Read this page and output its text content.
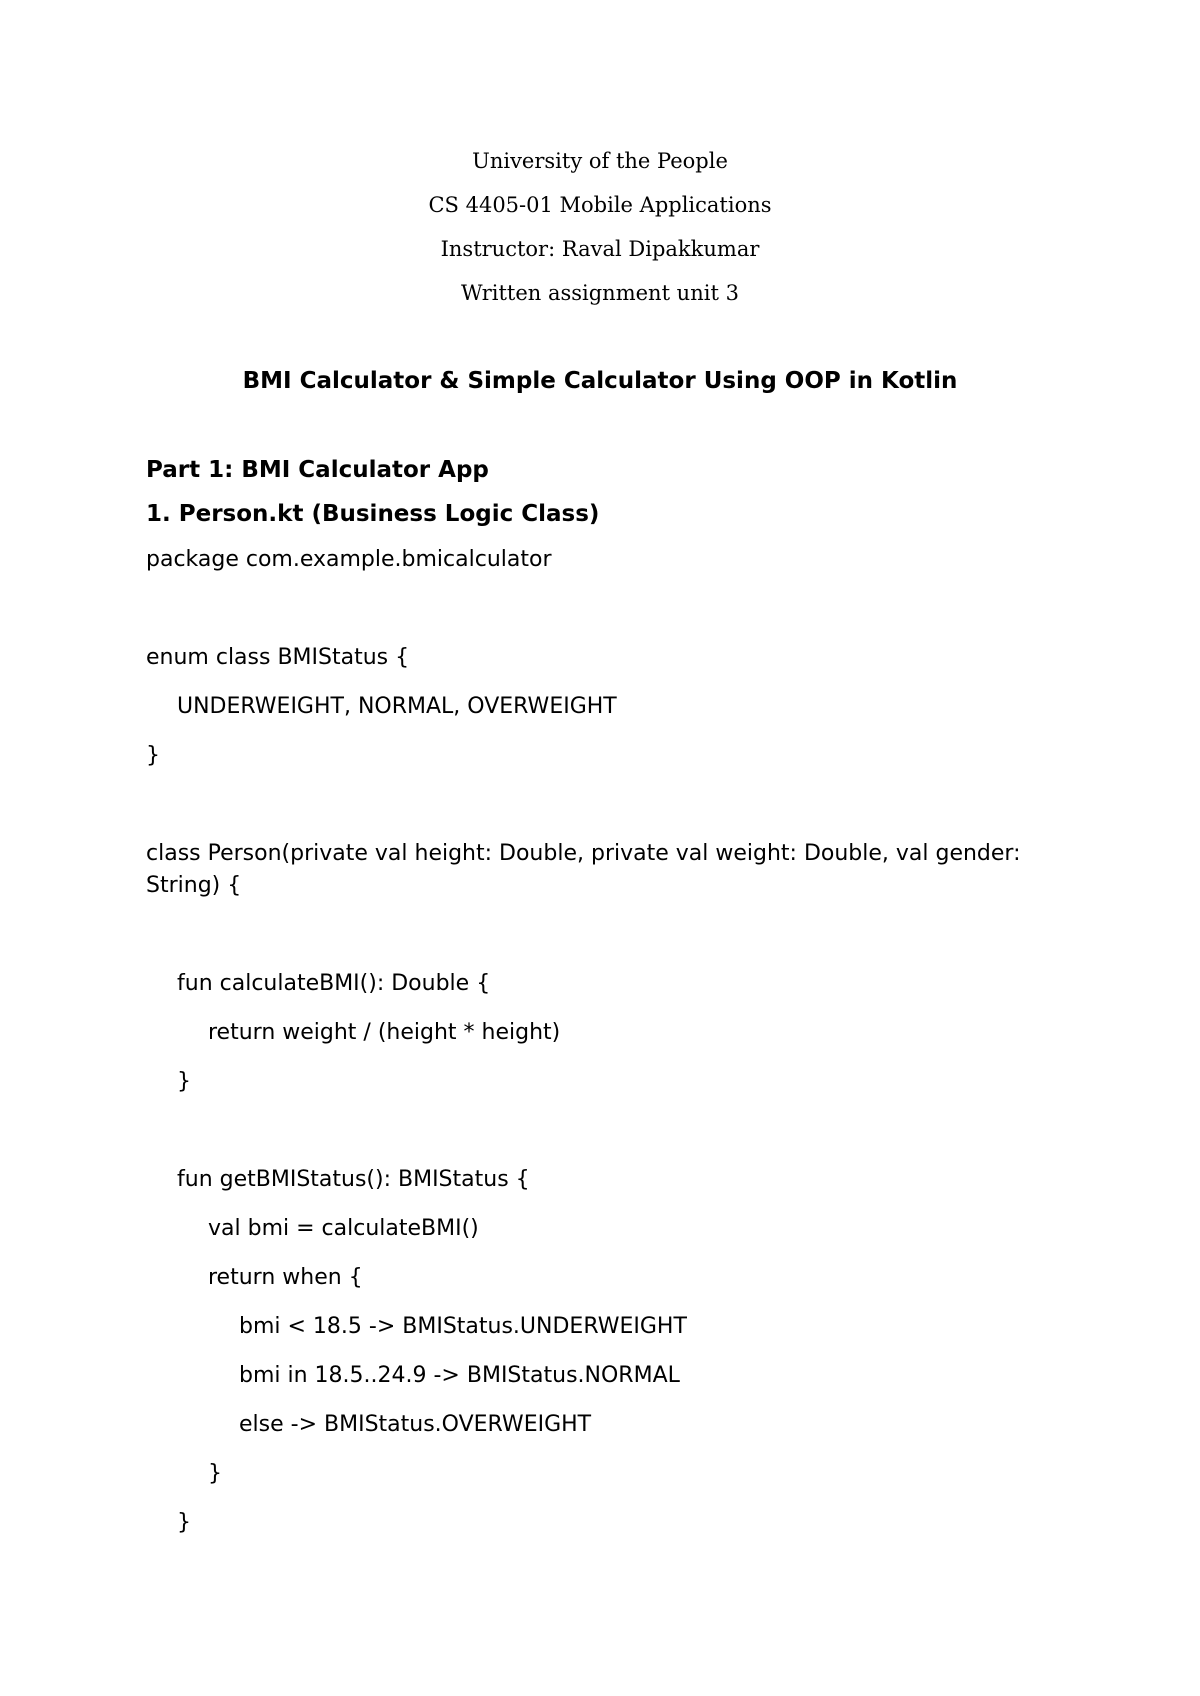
University of the People
CS 4405-01 Mobile Applications
Instructor: Raval Dipakkumar
Written assignment unit 3
BMI Calculator & Simple Calculator Using OOP in Kotlin
Part 1: BMI Calculator App
1. Person.kt (Business Logic Class)
package com.example.bmicalculator
enum class BMIStatus {
UNDERWEIGHT, NORMAL, OVERWEIGHT
}
class Person(private val height: Double, private val weight: Double, val gender: String) {
fun calculateBMI(): Double {
return weight / (height * height)
}
fun getBMIStatus(): BMIStatus {
val bmi = calculateBMI()
return when {
bmi < 18.5 -> BMIStatus.UNDERWEIGHT
bmi in 18.5..24.9 -> BMIStatus.NORMAL
else -> BMIStatus.OVERWEIGHT
}
}
